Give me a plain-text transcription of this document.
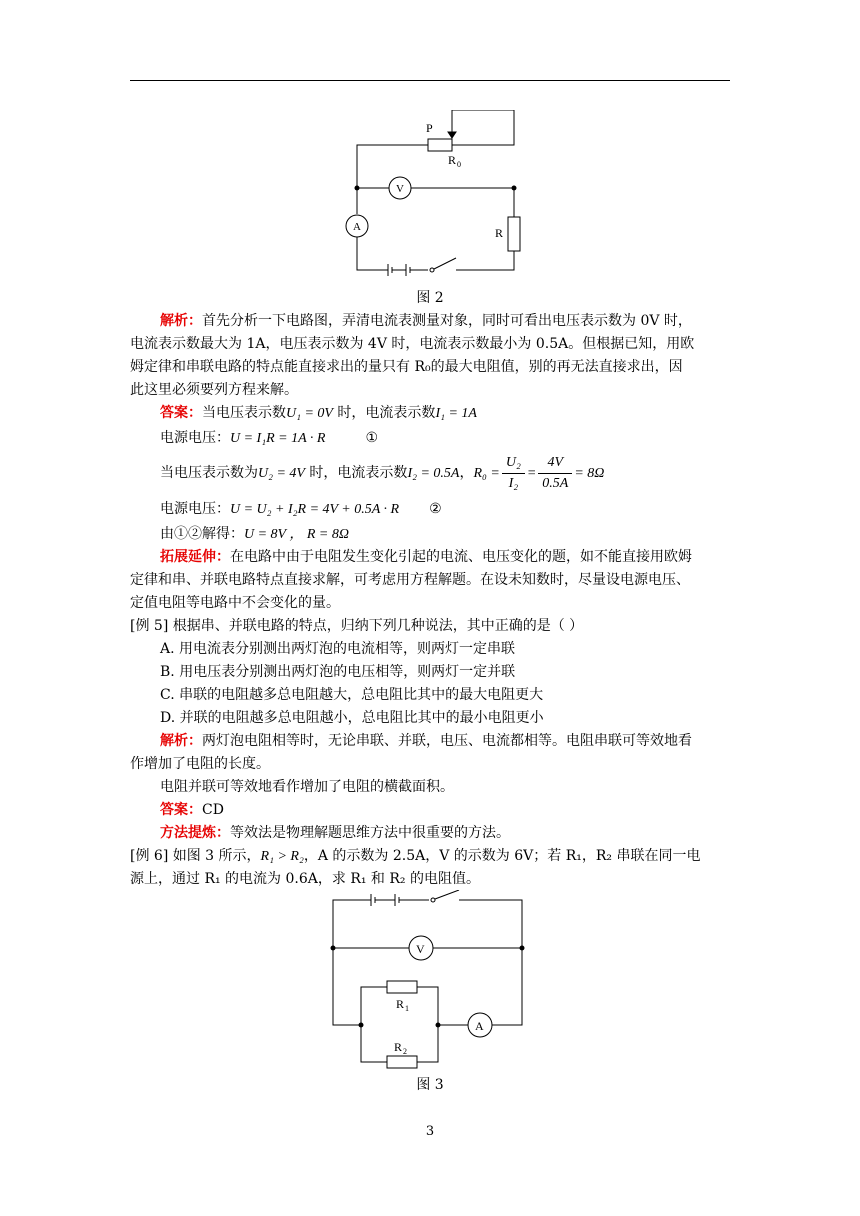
P
R 0
V
A	R
图 2
解析：首先分析一下电路图，弄清电流表测量对象，同时可看出电压表示数为 0V 时，
电流表示数最大为 1A，电压表示数为 4V 时，电流表示数最小为 0.5A。但根据已知，用欧
姆定律和串联电路的特点能直接求出的量只有 R₀的最大电阻值，别的再无法直接求出，因
此这里必须要列方程来解。
答案：当电压表示数U₁ = 0V 时，电流表示数I₁ = 1A
电源电压：U = I₁R = 1A · R	①
当电压表示数为U₂ = 4V 时，电流表示数I₂ = 0.5A，$R_0 = \frac{\text{U₂}}{\text{I₂}} = \frac{4V}{0.5A} = 8\Omega$
电源电压：U = U₂ + I₂R = 4V + 0.5A · R ②
由①②解得：U = 8V ， R = 8Ω
拓展延伸：在电路中由于电阻发生变化引起的电流、电压变化的题，如不能直接用欧姆
定律和串、并联电路特点直接求解，可考虑用方程解题。在设未知数时，尽量设电源电压、
定值电阻等电路中不会变化的量。
[例 5] 根据串、并联电路的特点，归纳下列几种说法，其中正确的是（ ）
A. 用电流表分别测出两灯泡的电流相等，则两灯一定串联
B. 用电压表分别测出两灯泡的电压相等，则两灯一定并联
C. 串联的电阻越多总电阻越大，总电阻比其中的最大电阻更大
D. 并联的电阻越多总电阻越小，总电阻比其中的最小电阻更小
解析：两灯泡电阻相等时，无论串联、并联，电压、电流都相等。电阻串联可等效地看
作增加了电阻的长度。
电阻并联可等效地看作增加了电阻的横截面积。
答案：CD
方法提炼：等效法是物理解题思维方法中很重要的方法。
[例 6] 如图 3 所示，R₁ > R₂，A 的示数为 2.5A，V 的示数为 6V；若 R₁，R₂ 串联在同一电
源上，通过 R₁ 的电流为 0.6A，求 R₁ 和 R₂ 的电阻值。
V
A
R 1
R 2
图 3
3
